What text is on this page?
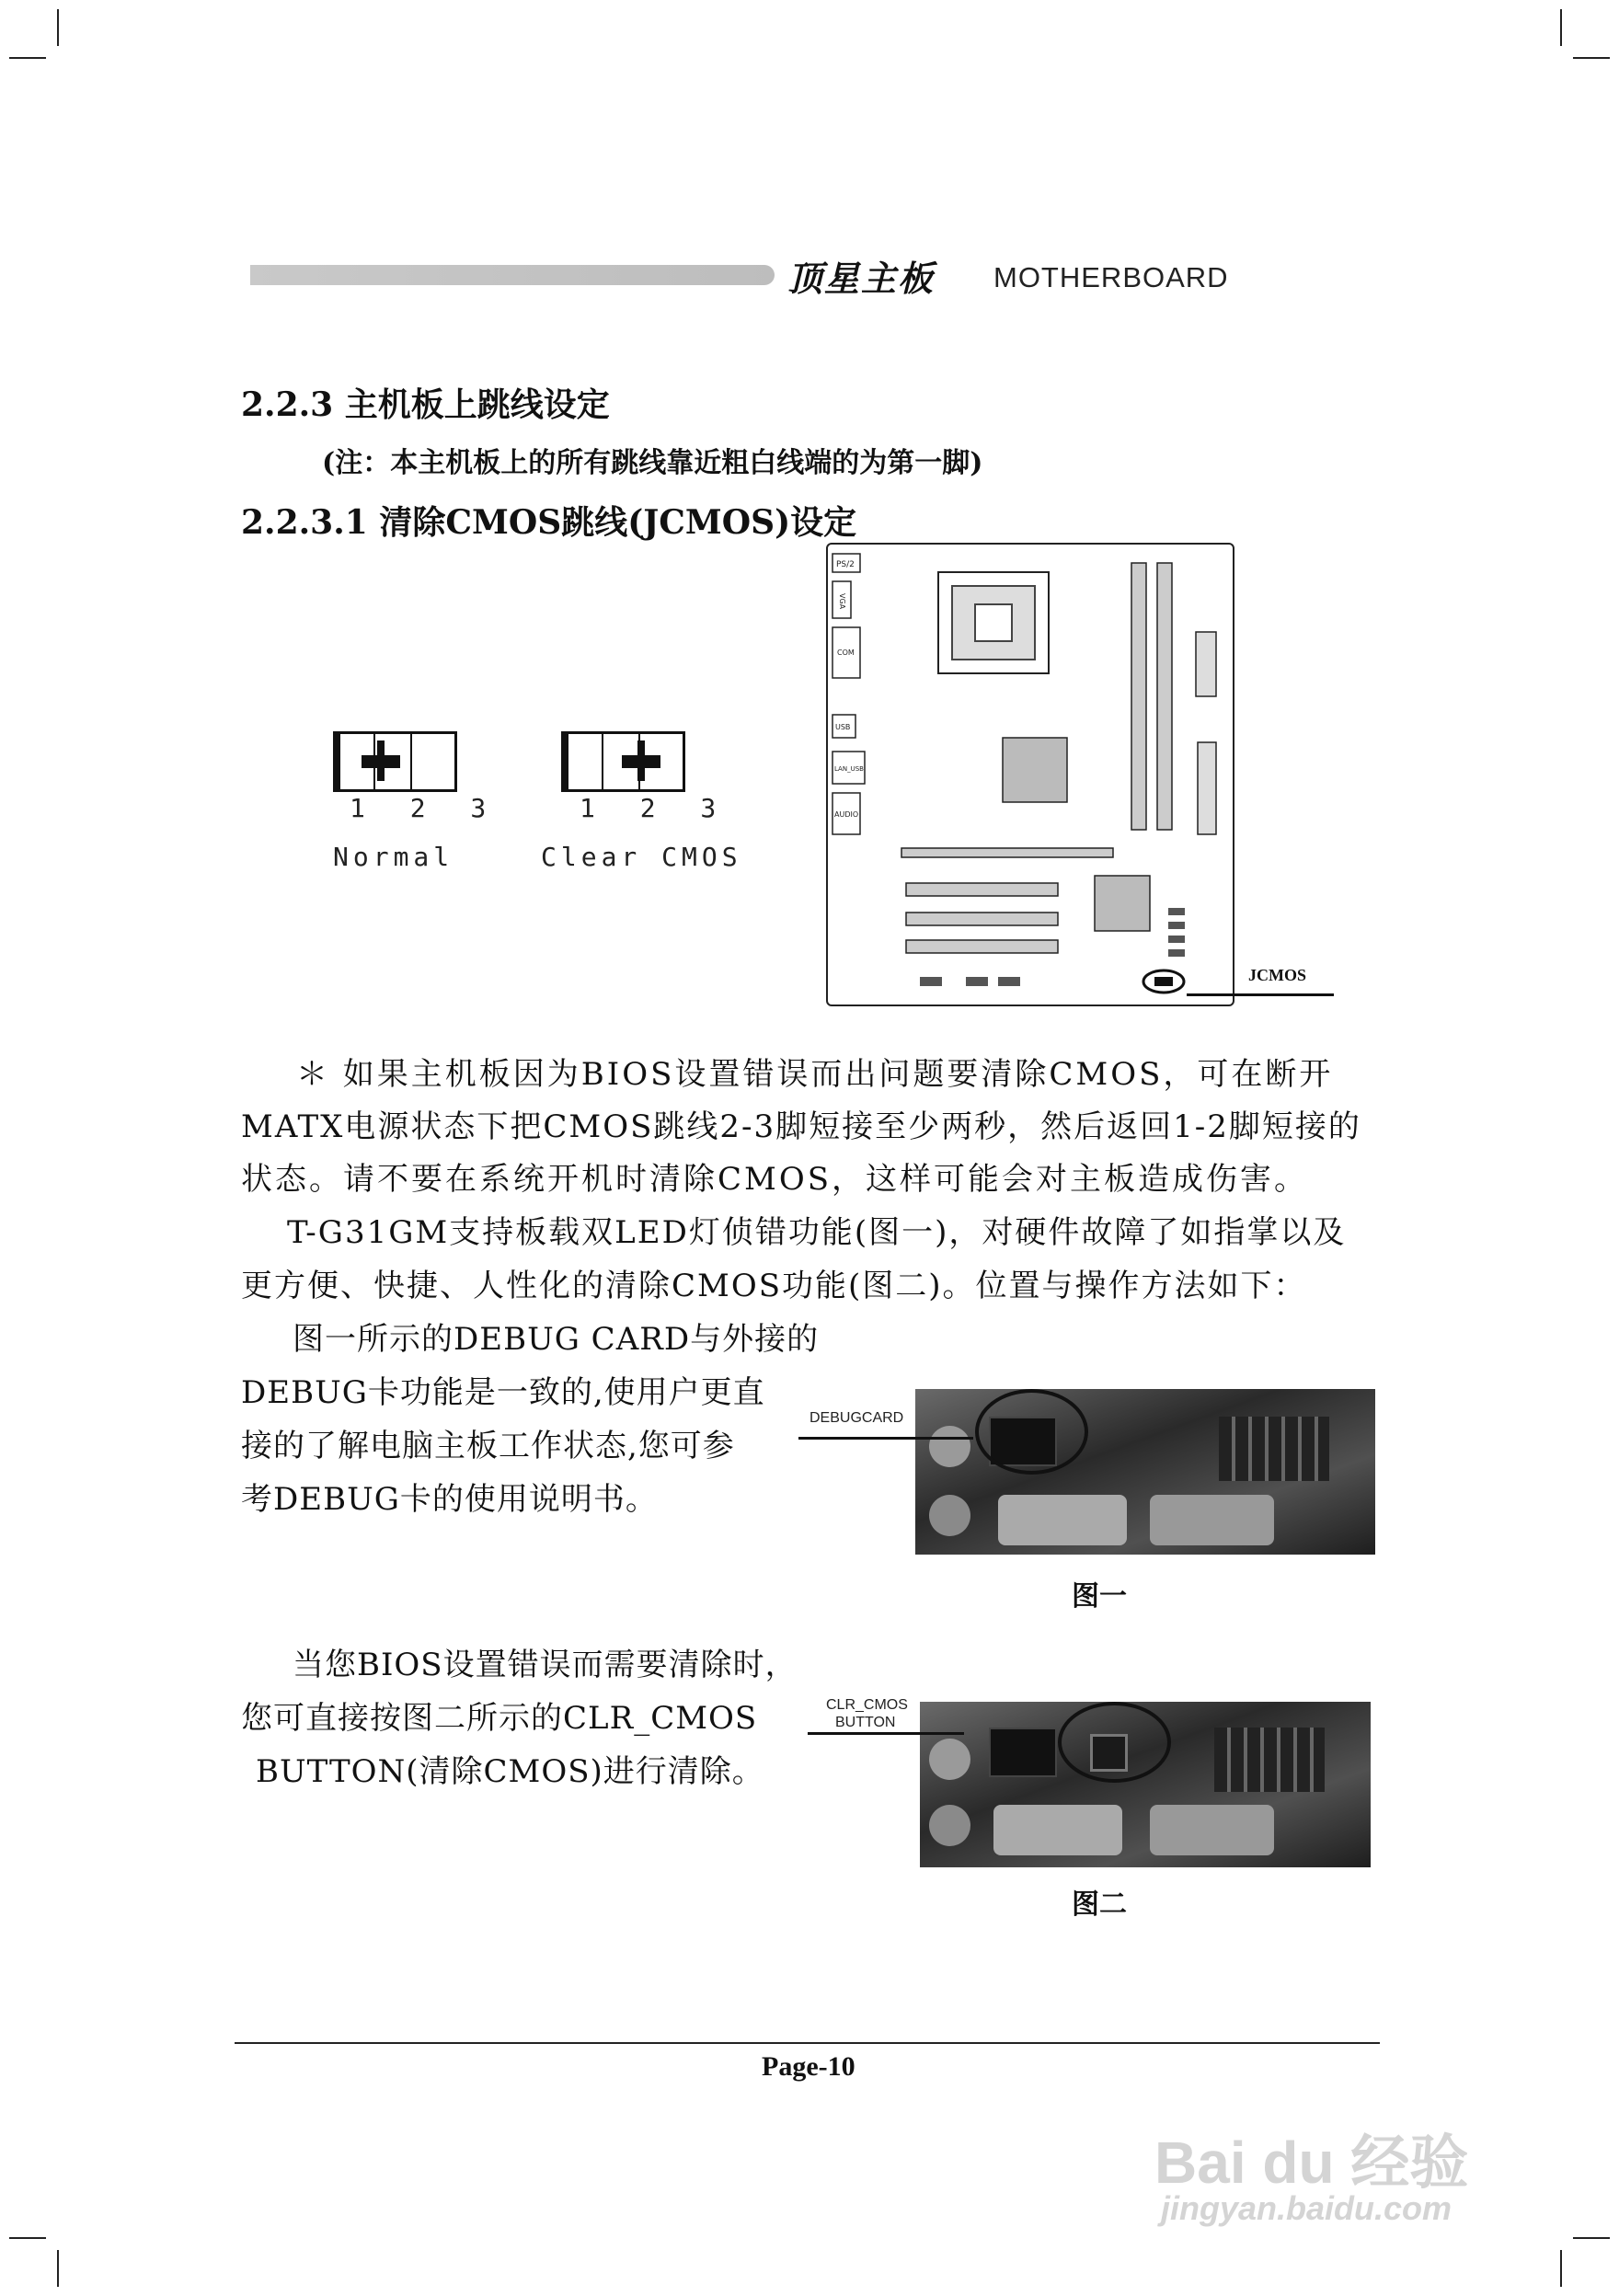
顶星主板 MOTHERBOARD
2.2.3 主机板上跳线设定
(注：本主机板上的所有跳线靠近粗白线端的为第一脚)
2.2.3.1 清除CMOS跳线(JCMOS)设定
1 2 3
Normal
1 2 3
Clear CMOS
PS/2
VGA
COM
USB
LAN_USB
AUDIO
JCMOS
＊ 如果主机板因为BIOS设置错误而出问题要清除CMOS，可在断开
MATX电源状态下把CMOS跳线2-3脚短接至少两秒，然后返回1-2脚短接的
状态。请不要在系统开机时清除CMOS，这样可能会对主板造成伤害。
T-G31GM支持板载双LED灯侦错功能(图一)，对硬件故障了如指掌以及
更方便、快捷、人性化的清除CMOS功能(图二)。位置与操作方法如下：
图一所示的DEBUG CARD与外接的
DEBUG卡功能是一致的,使用户更直
接的了解电脑主板工作状态,您可参
考DEBUG卡的使用说明书。
DEBUGCARD
图一
当您BIOS设置错误而需要清除时，
您可直接按图二所示的CLR_CMOS
BUTTON(清除CMOS)进行清除。
CLR_CMOS
BUTTON
图二
Page-10
Bai du 经验
jingyan.baidu.com
